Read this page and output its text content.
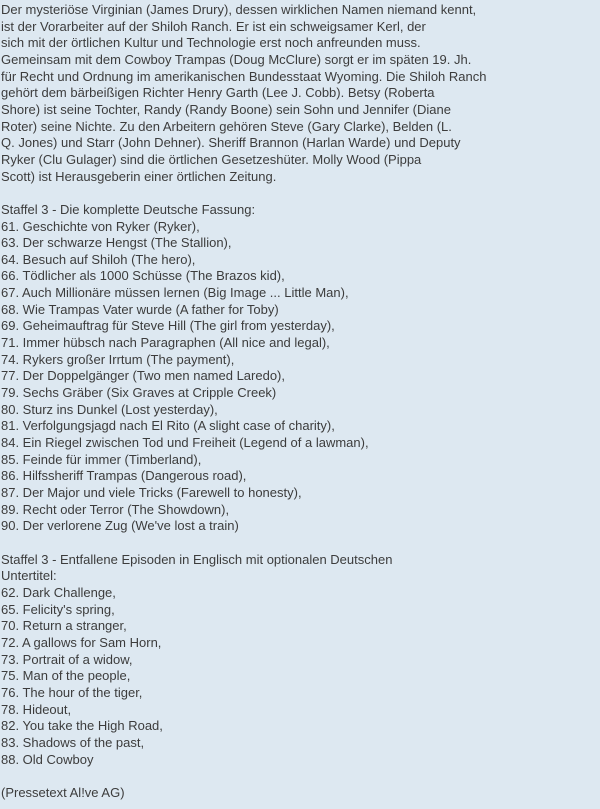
Der mysteriöse Virginian (James Drury), dessen wirklichen Namen niemand kennt,
ist der Vorarbeiter auf der Shiloh Ranch. Er ist ein schweigsamer Kerl, der
sich mit der örtlichen Kultur und Technologie erst noch anfreunden muss.
Gemeinsam mit dem Cowboy Trampas (Doug McClure) sorgt er im späten 19. Jh.
für Recht und Ordnung im amerikanischen Bundesstaat Wyoming. Die Shiloh Ranch
gehört dem bärbeißigen Richter Henry Garth (Lee J. Cobb). Betsy (Roberta
Shore) ist seine Tochter, Randy (Randy Boone) sein Sohn und Jennifer (Diane
Roter) seine Nichte. Zu den Arbeitern gehören Steve (Gary Clarke), Belden (L.
Q. Jones) und Starr (John Dehner). Sheriff Brannon (Harlan Warde) und Deputy
Ryker (Clu Gulager) sind die örtlichen Gesetzeshüter. Molly Wood (Pippa
Scott) ist Herausgeberin einer örtlichen Zeitung.
Staffel 3 - Die komplette Deutsche Fassung:
61. Geschichte von Ryker (Ryker),
63. Der schwarze Hengst (The Stallion),
64. Besuch auf Shiloh (The hero),
66. Tödlicher als 1000 Schüsse (The Brazos kid),
67. Auch Millionäre müssen lernen (Big Image ... Little Man),
68. Wie Trampas Vater wurde (A father for Toby)
69. Geheimauftrag für Steve Hill (The girl from yesterday),
71. Immer hübsch nach Paragraphen (All nice and legal),
74. Rykers großer Irrtum (The payment),
77. Der Doppelgänger (Two men named Laredo),
79. Sechs Gräber (Six Graves at Cripple Creek)
80. Sturz ins Dunkel (Lost yesterday),
81. Verfolgungsjagd nach El Rito (A slight case of charity),
84. Ein Riegel zwischen Tod und Freiheit (Legend of a lawman),
85. Feinde für immer (Timberland),
86. Hilfssheriff Trampas (Dangerous road),
87. Der Major und viele Tricks (Farewell to honesty),
89. Recht oder Terror (The Showdown),
90. Der verlorene Zug (We've lost a train)
Staffel 3 - Entfallene Episoden in Englisch mit optionalen Deutschen
Untertitel:
62. Dark Challenge,
65. Felicity's spring,
70. Return a stranger,
72. A gallows for Sam Horn,
73. Portrait of a widow,
75. Man of the people,
76. The hour of the tiger,
78. Hideout,
82. You take the High Road,
83. Shadows of the past,
88. Old Cowboy
(Pressetext Al!ve AG)
